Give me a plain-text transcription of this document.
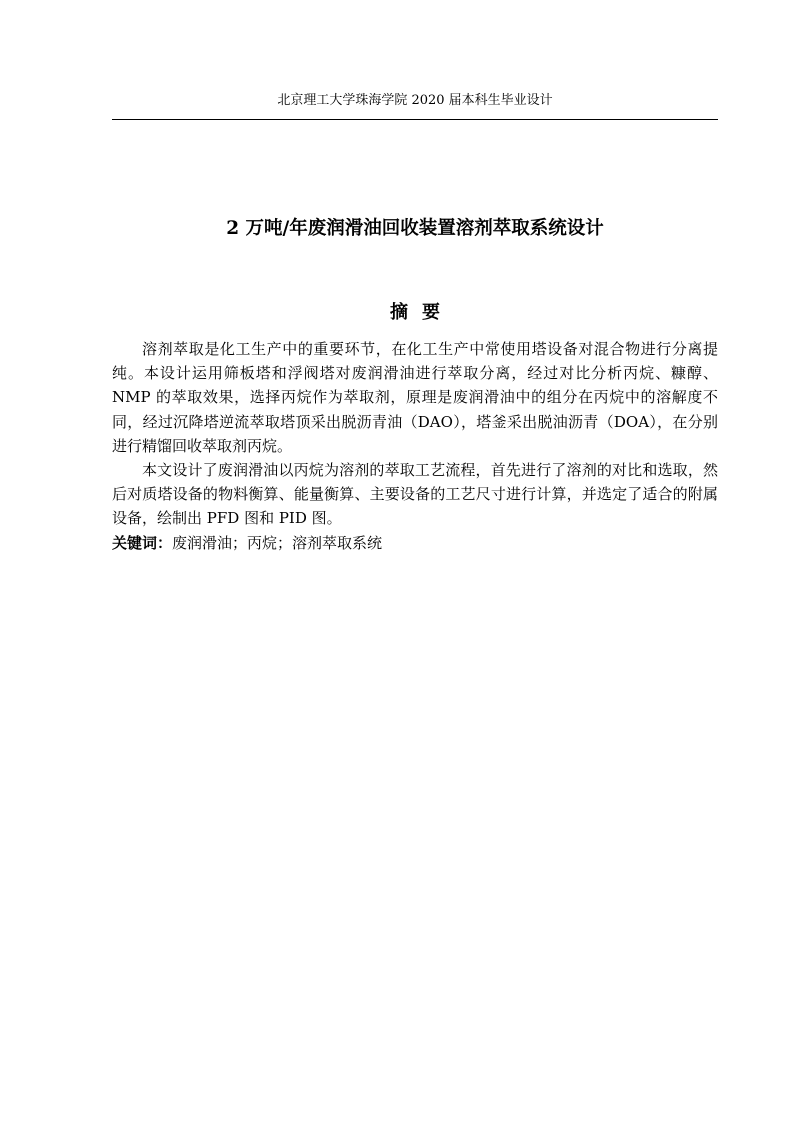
北京理工大学珠海学院 2020 届本科生毕业设计
2 万吨/年废润滑油回收装置溶剂萃取系统设计
摘要

溶剂萃取是化工生产中的重要环节，在化工生产中常使用塔设备对混合物进行分离提纯。本设计运用筛板塔和浮阀塔对废润滑油进行萃取分离，经过对比分析丙烷、糠醇、NMP 的萃取效果，选择丙烷作为萃取剂，原理是废润滑油中的组分在丙烷中的溶解度不同，经过沉降塔逆流萃取塔顶采出脱沥青油（DAO），塔釜采出脱油沥青（DOA），在分别进行精馏回收萃取剂丙烷。

本文设计了废润滑油以丙烷为溶剂的萃取工艺流程，首先进行了溶剂的对比和选取，然后对质塔设备的物料衡算、能量衡算、主要设备的工艺尺寸进行计算，并选定了适合的附属设备，绘制出 PFD 图和 PID 图。

关键词：废润滑油；丙烷；溶剂萃取系统
